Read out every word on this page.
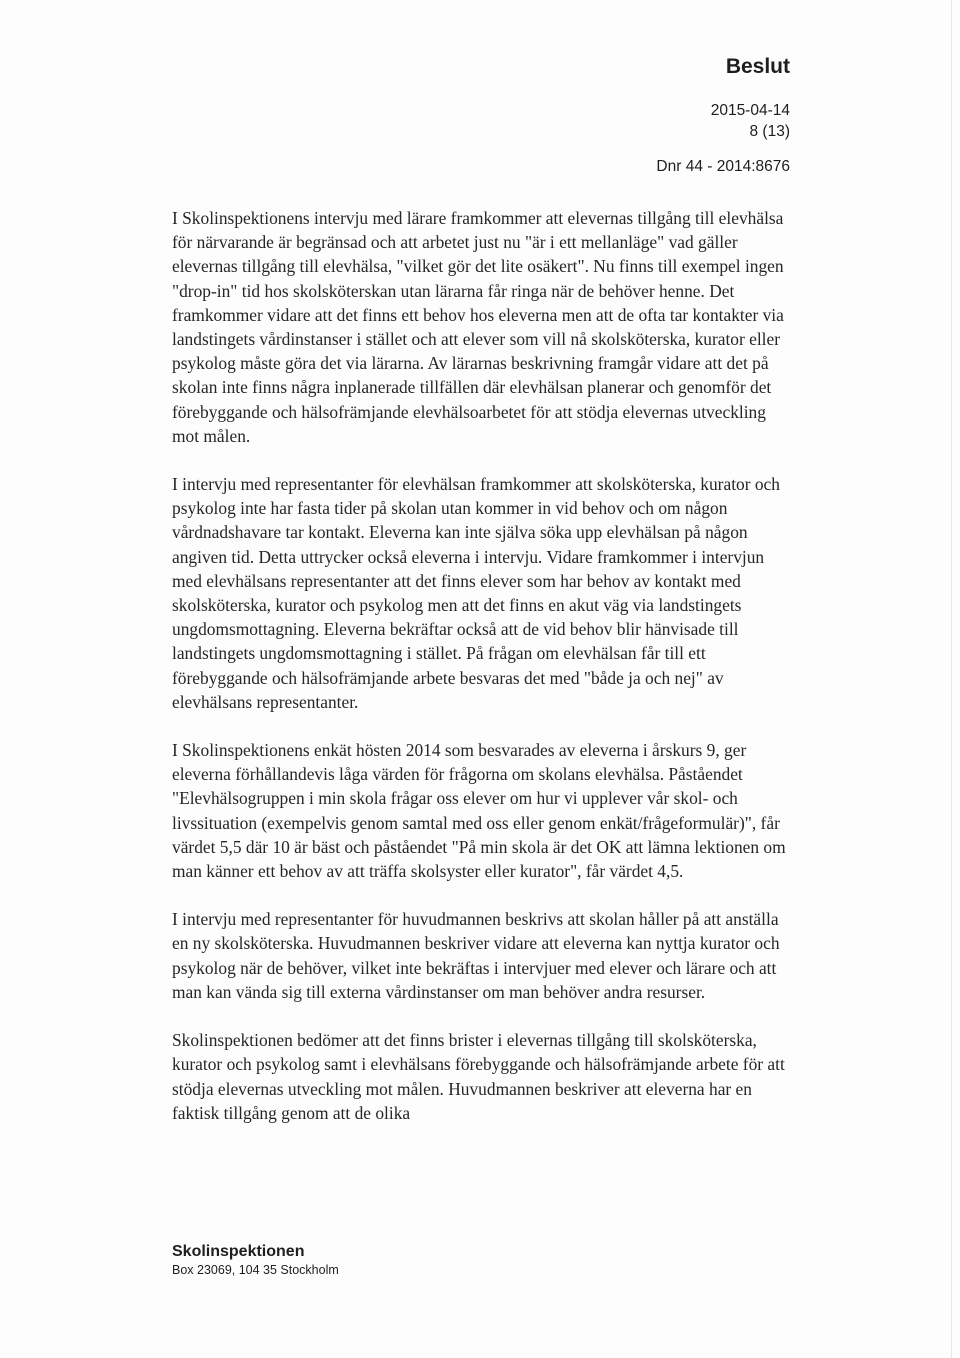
Beslut
2015-04-14
8 (13)
Dnr 44 - 2014:8676

I Skolinspektionens intervju med lärare framkommer att elevernas tillgång till elevhälsa för närvarande är begränsad och att arbetet just nu "är i ett mellanläge" vad gäller elevernas tillgång till elevhälsa, "vilket gör det lite osäkert". Nu finns till exempel ingen "drop-in" tid hos skolsköterskan utan lärarna får ringa när de behöver henne. Det framkommer vidare att det finns ett behov hos eleverna men att de ofta tar kontakter via landstingets vårdinstanser i stället och att elever som vill nå skolsköterska, kurator eller psykolog måste göra det via lärarna. Av lärarnas beskrivning framgår vidare att det på skolan inte finns några inplanerade tillfällen där elevhälsan planerar och genomför det förebyggande och hälsofrämjande elevhälsoarbetet för att stödja elevernas utveckling mot målen.

I intervju med representanter för elevhälsan framkommer att skolsköterska, kurator och psykolog inte har fasta tider på skolan utan kommer in vid behov och om någon vårdnadshavare tar kontakt. Eleverna kan inte själva söka upp elevhälsan på någon angiven tid. Detta uttrycker också eleverna i intervju. Vidare framkommer i intervjun med elevhälsans representanter att det finns elever som har behov av kontakt med skolsköterska, kurator och psykolog men att det finns en akut väg via landstingets ungdomsmottagning. Eleverna bekräftar också att de vid behov blir hänvisade till landstingets ungdomsmottagning i stället. På frågan om elevhälsan får till ett förebyggande och hälsofrämjande arbete besvaras det med "både ja och nej" av elevhälsans representanter.

I Skolinspektionens enkät hösten 2014 som besvarades av eleverna i årskurs 9, ger eleverna förhållandevis låga värden för frågorna om skolans elevhälsa. Påståendet "Elevhälsogruppen i min skola frågar oss elever om hur vi upplever vår skol- och livssituation (exempelvis genom samtal med oss eller genom enkät/frågeformulär)", får värdet 5,5 där 10 är bäst och påståendet "På min skola är det OK att lämna lektionen om man känner ett behov av att träffa skolsyster eller kurator", får värdet 4,5.

I intervju med representanter för huvudmannen beskrivs att skolan håller på att anställa en ny skolsköterska. Huvudmannen beskriver vidare att eleverna kan nyttja kurator och psykolog när de behöver, vilket inte bekräftas i intervjuer med elever och lärare och att man kan vända sig till externa vårdinstanser om man behöver andra resurser.

Skolinspektionen bedömer att det finns brister i elevernas tillgång till skolsköterska, kurator och psykolog samt i elevhälsans förebyggande och hälsofrämjande arbete för att stödja elevernas utveckling mot målen. Huvudmannen beskriver att eleverna har en faktisk tillgång genom att de olika

Skolinspektionen
Box 23069, 104 35 Stockholm
